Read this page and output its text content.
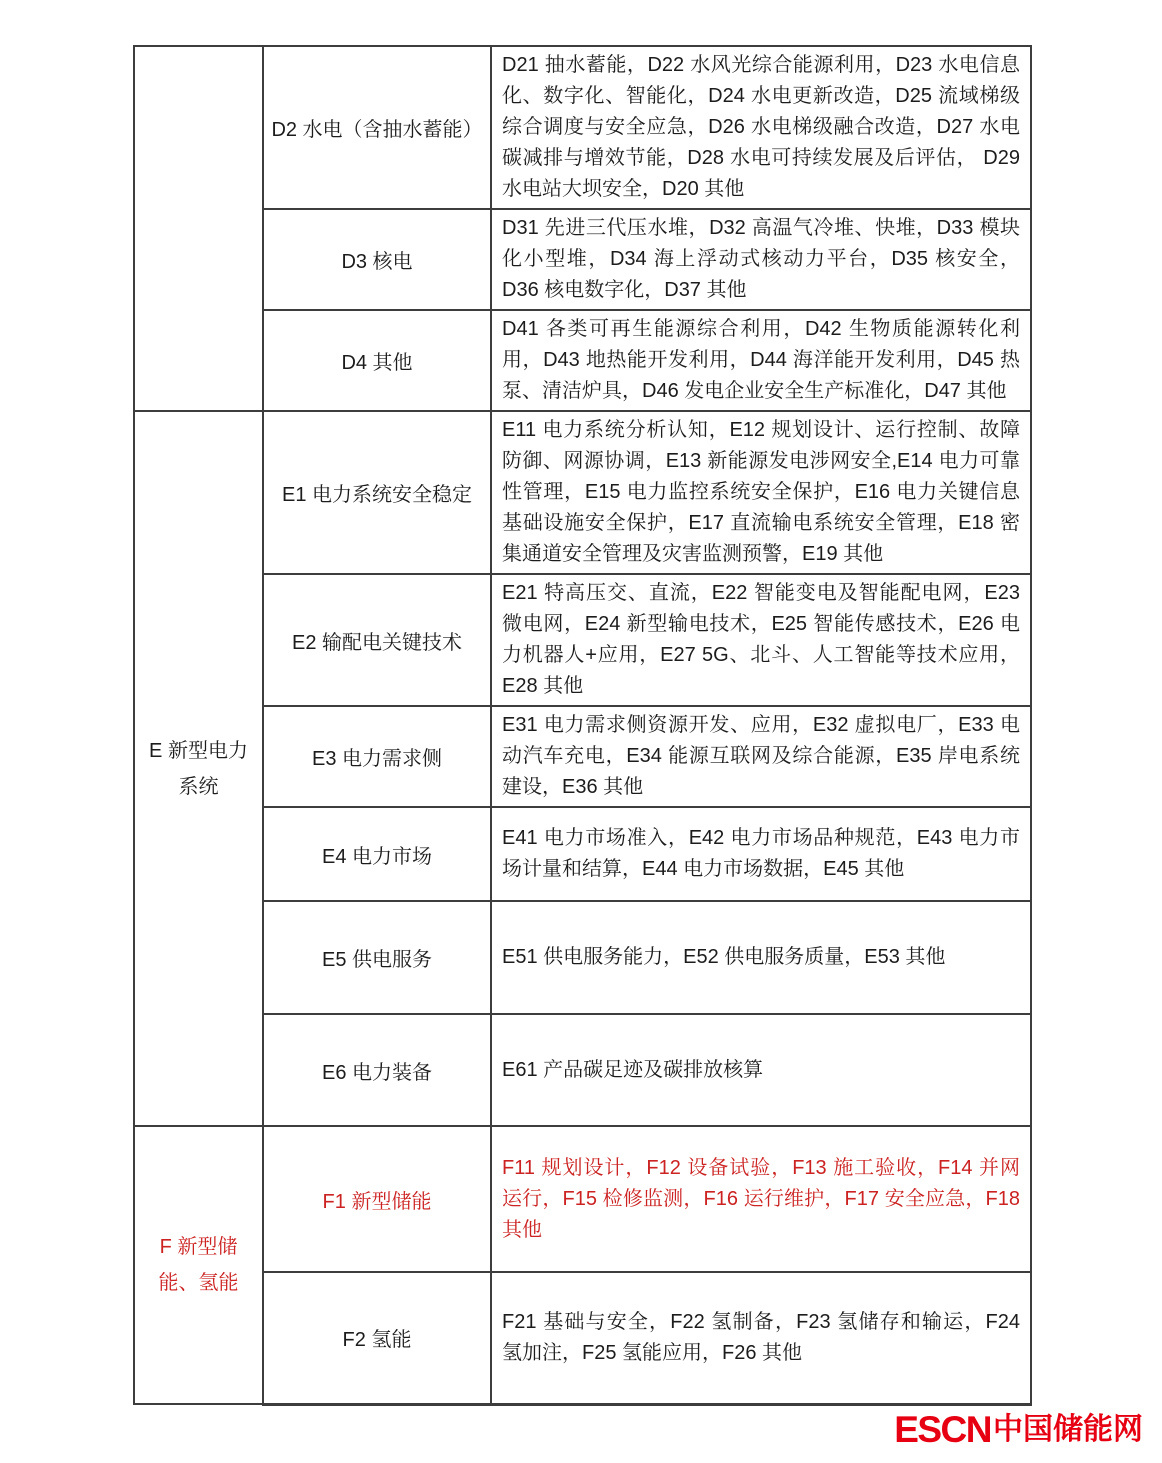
	D2 水电（含抽水蓄能）	D21 抽水蓄能，D22 水风光综合能源利用，D23 水电信息化、数字化、智能化，D24 水电更新改造，D25 流域梯级综合调度与安全应急，D26 水电梯级融合改造，D27 水电碳减排与增效节能，D28 水电可持续发展及后评估， D29 水电站大坝安全，D20 其他
	D3 核电	D31 先进三代压水堆，D32 高温气冷堆、快堆，D33 模块化小型堆，D34 海上浮动式核动力平台，D35 核安全，D36 核电数字化，D37 其他
	D4 其他	D41 各类可再生能源综合利用，D42 生物质能源转化利用，D43 地热能开发利用，D44 海洋能开发利用，D45 热泵、清洁炉具，D46 发电企业安全生产标准化，D47 其他
E 新型电力系统	E1 电力系统安全稳定	E11 电力系统分析认知，E12 规划设计、运行控制、故障防御、网源协调，E13 新能源发电涉网安全,E14 电力可靠性管理，E15 电力监控系统安全保护，E16 电力关键信息基础设施安全保护，E17 直流输电系统安全管理，E18 密集通道安全管理及灾害监测预警，E19 其他
	E2 输配电关键技术	E21 特高压交、直流，E22 智能变电及智能配电网，E23 微电网，E24 新型输电技术，E25 智能传感技术，E26 电力机器人+应用，E27 5G、北斗、人工智能等技术应用，E28 其他
	E3 电力需求侧	E31 电力需求侧资源开发、应用，E32 虚拟电厂，E33 电动汽车充电，E34 能源互联网及综合能源，E35 岸电系统建设，E36 其他
	E4 电力市场	E41 电力市场准入，E42 电力市场品种规范，E43 电力市场计量和结算，E44 电力市场数据，E45 其他
	E5 供电服务	E51 供电服务能力，E52 供电服务质量，E53 其他
	E6 电力装备	E61 产品碳足迹及碳排放核算
F 新型储能、氢能	F1 新型储能	F11 规划设计，F12 设备试验，F13 施工验收，F14 并网运行，F15 检修监测，F16 运行维护，F17 安全应急，F18 其他
	F2 氢能	F21 基础与安全，F22 氢制备，F23 氢储存和输运，F24 氢加注，F25 氢能应用，F26 其他
ESCN 中国储能网
